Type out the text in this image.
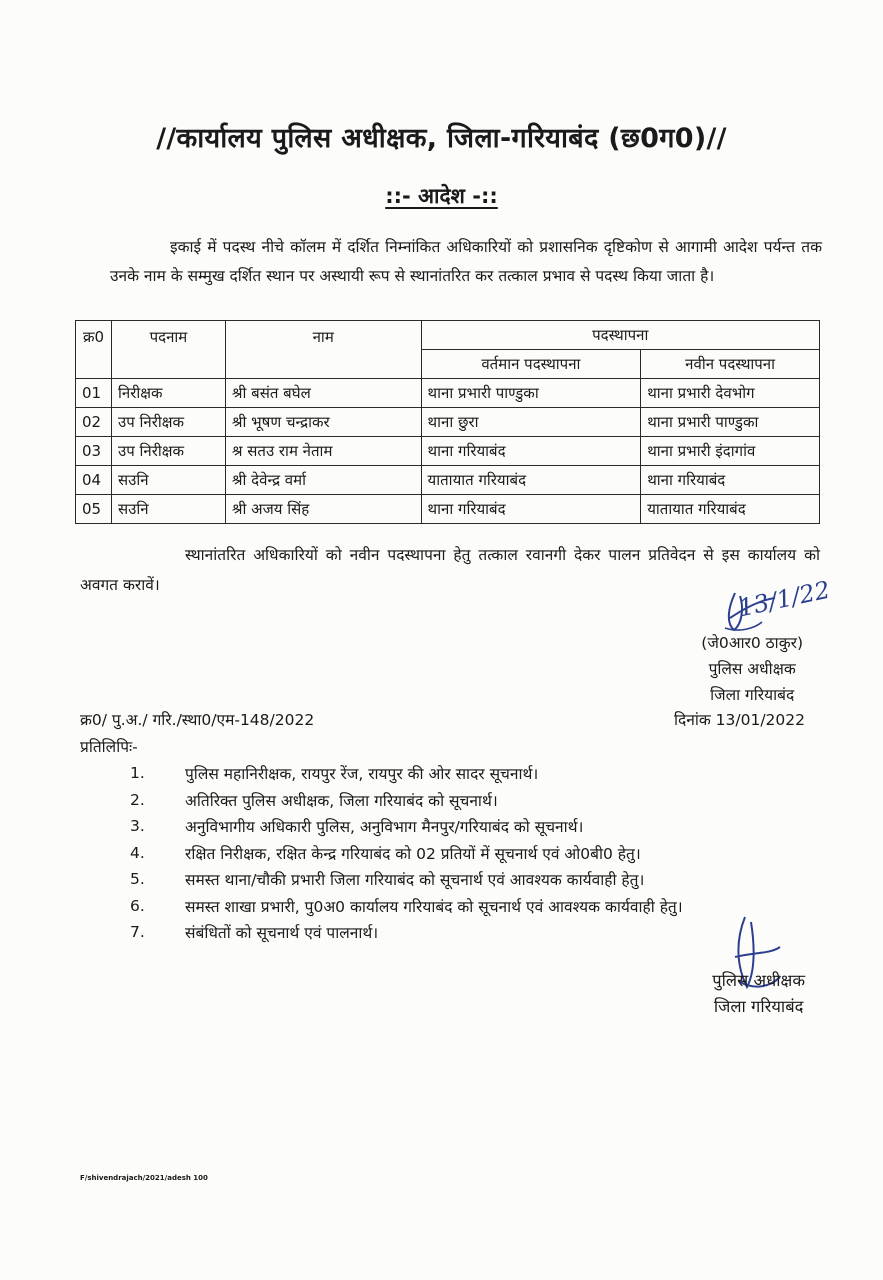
//कार्यालय पुलिस अधीक्षक, जिला-गरियाबंद (छ0ग0)//
::- आदेश -::
इकाई में पदस्थ नीचे कॉलम में दर्शित निम्नांकित अधिकारियों को प्रशासनिक दृष्टिकोण से आगामी आदेश पर्यन्त तक उनके नाम के सम्मुख दर्शित स्थान पर अस्थायी रूप से स्थानांतरित कर तत्काल प्रभाव से पदस्थ किया जाता है।
क्र0	पदनाम	नाम	पदस्थापना	
			वर्तमान पदस्थापना	नवीन पदस्थापना
01	निरीक्षक	श्री बसंत बघेल	थाना प्रभारी पाण्डुका	थाना प्रभारी देवभोग
02	उप निरीक्षक	श्री भूषण चन्द्राकर	थाना छुरा	थाना प्रभारी पाण्डुका
03	उप निरीक्षक	श्र सतउ राम नेताम	थाना गरियाबंद	थाना प्रभारी इंदागांव
04	सउनि	श्री देवेन्द्र वर्मा	यातायात गरियाबंद	थाना गरियाबंद
05	सउनि	श्री अजय सिंह	थाना गरियाबंद	यातायात गरियाबंद
स्थानांतरित अधिकारियों को नवीन पदस्थापना हेतु तत्काल रवानगी देकर पालन प्रतिवेदन से इस कार्यालय को अवगत करावें।	13/1/22
(जे0आर0 ठाकुर)
पुलिस अधीक्षक
जिला गरियाबंद
क्र0/ पु.अ./ गरि./स्था0/एम-148/2022	दिनांक 13/01/2022
प्रतिलिपिः-
1.	पुलिस महानिरीक्षक, रायपुर रेंज, रायपुर की ओर सादर सूचनार्थ।
2.	अतिरिक्त पुलिस अधीक्षक, जिला गरियाबंद को सूचनार्थ।
3.	अनुविभागीय अधिकारी पुलिस, अनुविभाग मैनपुर/गरियाबंद को सूचनार्थ।
4.	रक्षित निरीक्षक, रक्षित केन्द्र गरियाबंद को 02 प्रतियों में सूचनार्थ एवं ओ0बी0 हेतु।
5.	समस्त थाना/चौकी प्रभारी जिला गरियाबंद को सूचनार्थ एवं आवश्यक कार्यवाही हेतु।
6.	समस्त शाखा प्रभारी, पु0अ0 कार्यालय गरियाबंद को सूचनार्थ एवं आवश्यक कार्यवाही हेतु।
7.	संबंधितों को सूचनार्थ एवं पालनार्थ।
पुलिस अधीक्षक
जिला गरियाबंद
F/shivendrajach/2021/adesh 100
